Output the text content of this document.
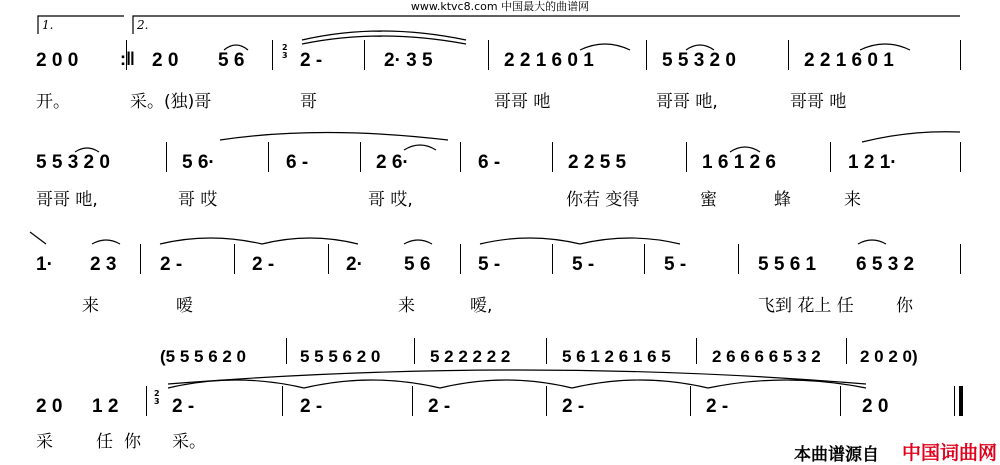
www.ktvc8.com 中国最大的曲谱网
1.	2.
2 0 0 :‖ 2 0 5 6
2
3 2 -	2· 3 5	2 2 1 6 0 1	5 5 3 2 0	2 2 1 6 0 1
开。	采。(独)哥	哥	哥哥 吔	哥哥 吔,	哥哥 吔
5 5 3 2 0	5 6·	6 -	2 6·	6 -	2 2 5 5	1 6 1 2 6	1 2 1·
哥哥 吔,	哥 哎	哥 哎,	你若 变得	蜜	蜂	来
1· 2 3 2 -	2 -	2· 5 6	5 -	5 -	5 -	5 5 6 1 6 5 3 2
来	嗳	来	嗳,	飞到 花上 任 你
(5 5 5 6 2 0	5 5 5 6 2 0	5 2 2 2 2 2	5 6 1 2 6 1 6 5 2 6 6 6 6 5 3 2 2 0 2 0)
2 0 1 2
2
3 2 -	2 -	2 -	2 -	2 -	2 0
采	任 你 采。
本曲谱源自 中国词曲网
